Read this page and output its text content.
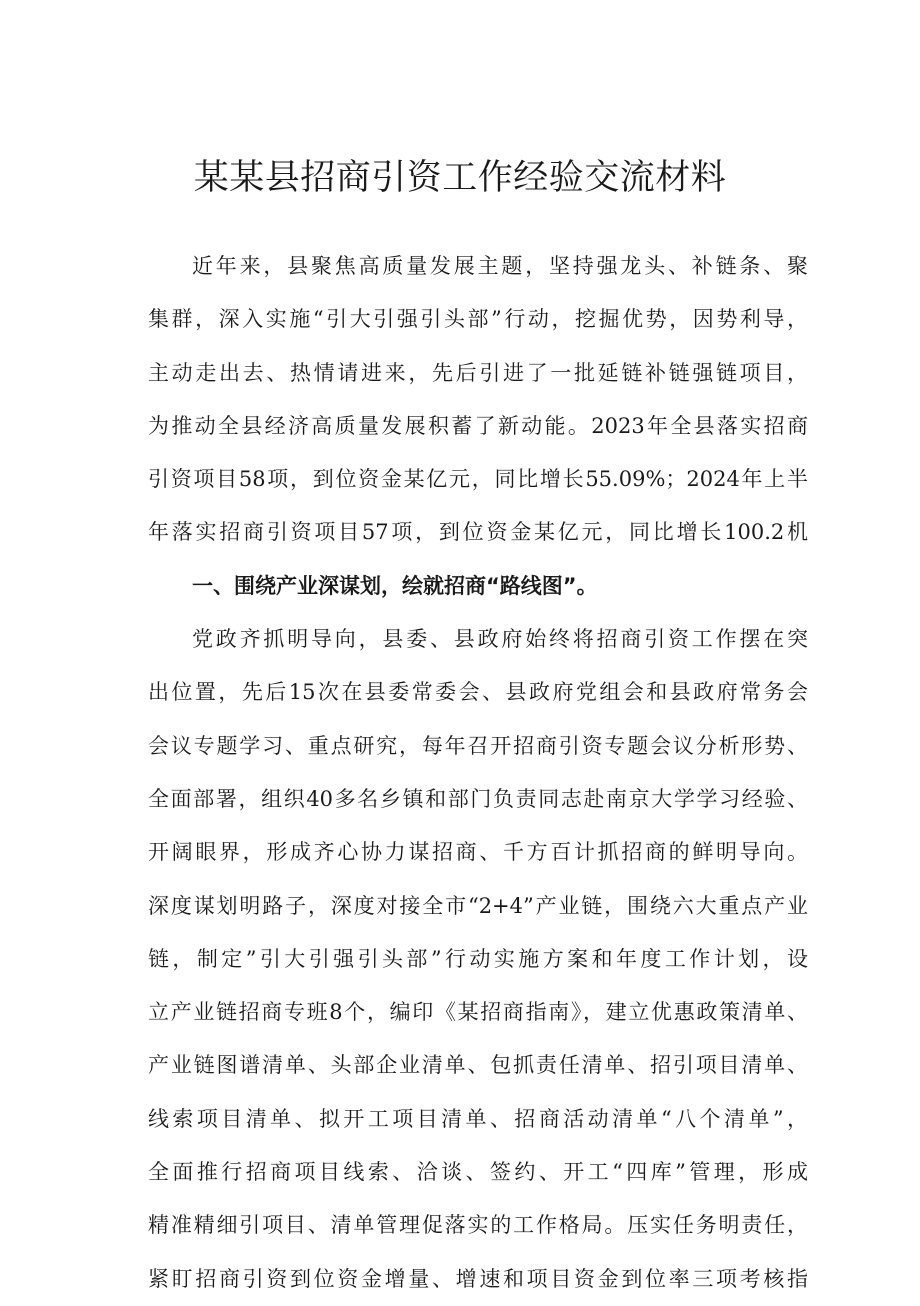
某某县招商引资工作经验交流材料
近年来，县聚焦高质量发展主题，坚持强龙头、补链条、聚
集群，深入实施“引大引强引头部”行动，挖掘优势，因势利导，
主动走出去、热情请进来，先后引进了一批延链补链强链项目，
为推动全县经济高质量发展积蓄了新动能。2023年全县落实招商
引资项目58项，到位资金某亿元，同比增长55.09%；2024年上半
年落实招商引资项目57项，到位资金某亿元，同比增长100.2机
一、围绕产业深谋划，绘就招商“路线图”。
党政齐抓明导向，县委、县政府始终将招商引资工作摆在突
出位置，先后15次在县委常委会、县政府党组会和县政府常务会
会议专题学习、重点研究，每年召开招商引资专题会议分析形势、
全面部署，组织40多名乡镇和部门负责同志赴南京大学学习经验、
开阔眼界，形成齐心协力谋招商、千方百计抓招商的鲜明导向。
深度谋划明路子，深度对接全市“2+4”产业链，围绕六大重点产业
链，制定”引大引强引头部”行动实施方案和年度工作计划，设
立产业链招商专班8个，编印《某招商指南》，建立优惠政策清单、
产业链图谱清单、头部企业清单、包抓责任清单、招引项目清单、
线索项目清单、拟开工项目清单、招商活动清单“八个清单”，
全面推行招商项目线索、洽谈、签约、开工“四库”管理，形成
精准精细引项目、清单管理促落实的工作格局。压实任务明责任，
紧盯招商引资到位资金增量、增速和项目资金到位率三项考核指
